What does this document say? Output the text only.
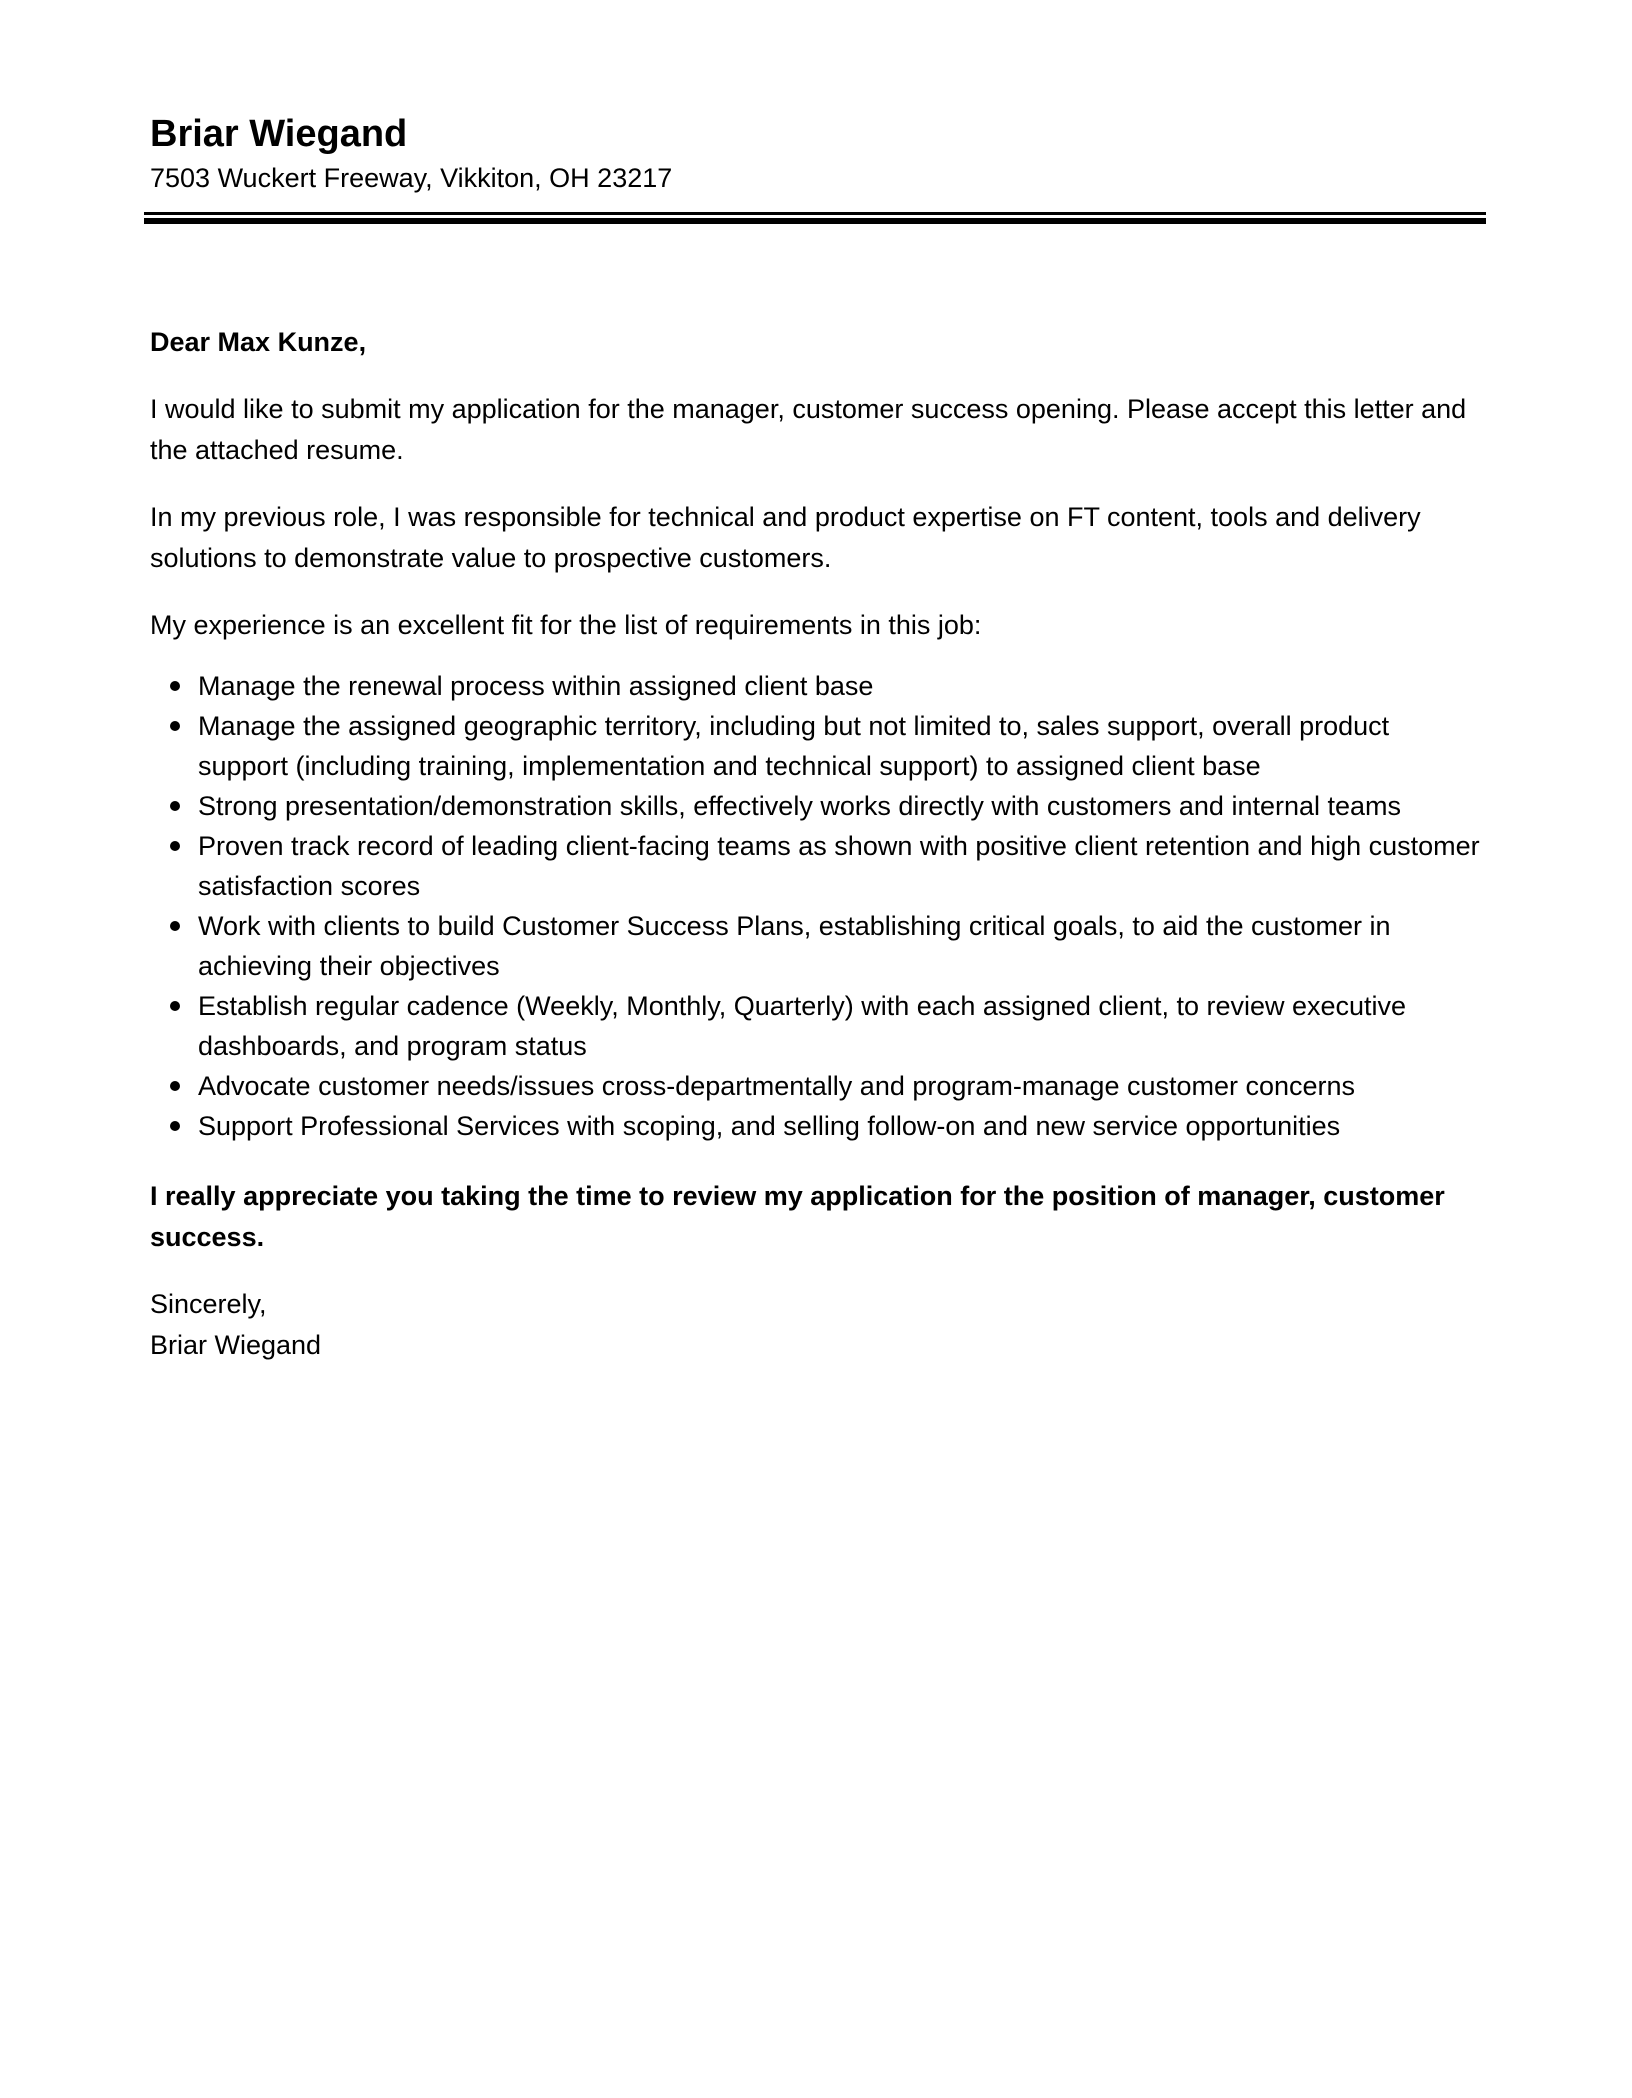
Briar Wiegand
7503 Wuckert Freeway, Vikkiton, OH 23217

Dear Max Kunze,

I would like to submit my application for the manager, customer success opening. Please accept this letter and the attached resume.

In my previous role, I was responsible for technical and product expertise on FT content, tools and delivery solutions to demonstrate value to prospective customers.

My experience is an excellent fit for the list of requirements in this job:

Manage the renewal process within assigned client base
Manage the assigned geographic territory, including but not limited to, sales support, overall product support (including training, implementation and technical support) to assigned client base
Strong presentation/demonstration skills, effectively works directly with customers and internal teams
Proven track record of leading client-facing teams as shown with positive client retention and high customer satisfaction scores
Work with clients to build Customer Success Plans, establishing critical goals, to aid the customer in achieving their objectives
Establish regular cadence (Weekly, Monthly, Quarterly) with each assigned client, to review executive dashboards, and program status
Advocate customer needs/issues cross-departmentally and program-manage customer concerns
Support Professional Services with scoping, and selling follow-on and new service opportunities

I really appreciate you taking the time to review my application for the position of manager, customer success.

Sincerely,
Briar Wiegand
